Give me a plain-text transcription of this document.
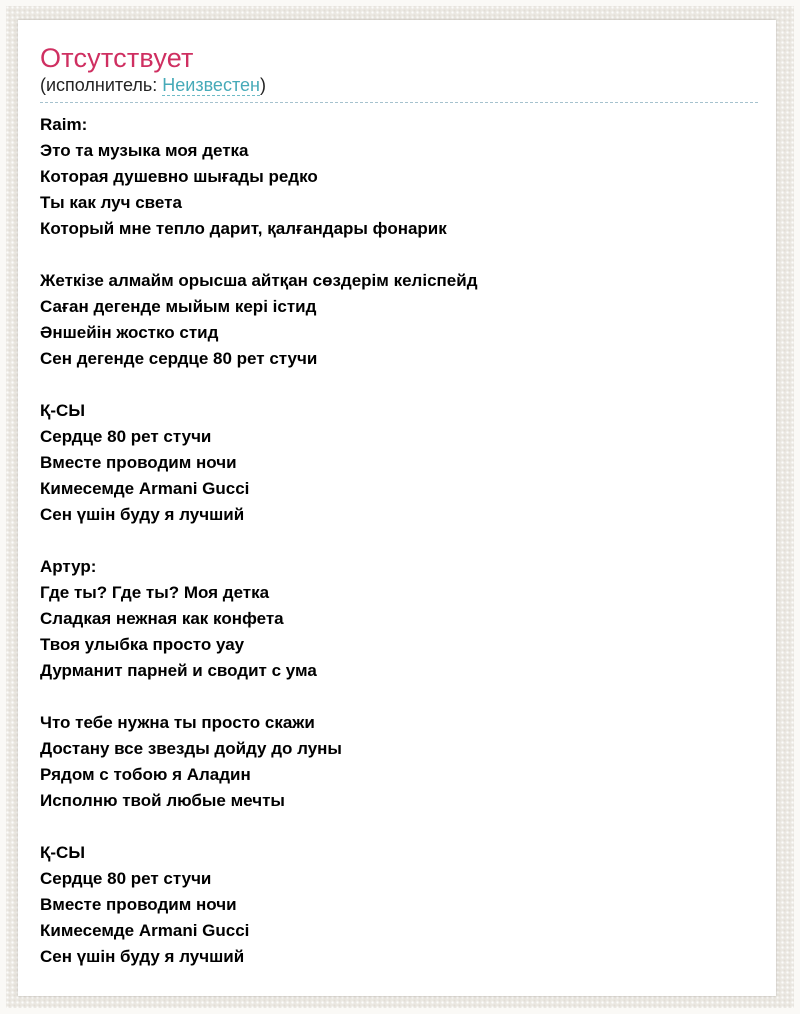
Отсутствует
(исполнитель: Неизвестен)
Raim:
Это та музыка моя детка
Которая душевно шығады редко
Ты как луч света
Который мне тепло дарит, қалғандары фонарик
Жеткізе алмайм орысша айтқан сөздерім келіспейд
Саған дегенде мыйым кері істид
Әншейін жостко стид
Сен дегенде сердце 80 рет стучи
Қ-СЫ
Сердце 80 рет стучи
Вместе проводим ночи
Кимесемде Armani Gucci
Сен үшін буду я лучший
Артур:
Где ты? Где ты? Моя детка
Сладкая нежная как конфета
Твоя улыбка просто уау
Дурманит парней и сводит с ума
Что тебе нужна ты просто скажи
Достану все звезды дойду до луны
Рядом с тобою я Аладин
Исполню твой любые мечты
Қ-СЫ
Сердце 80 рет стучи
Вместе проводим ночи
Кимесемде Armani Gucci
Сен үшін буду я лучший
